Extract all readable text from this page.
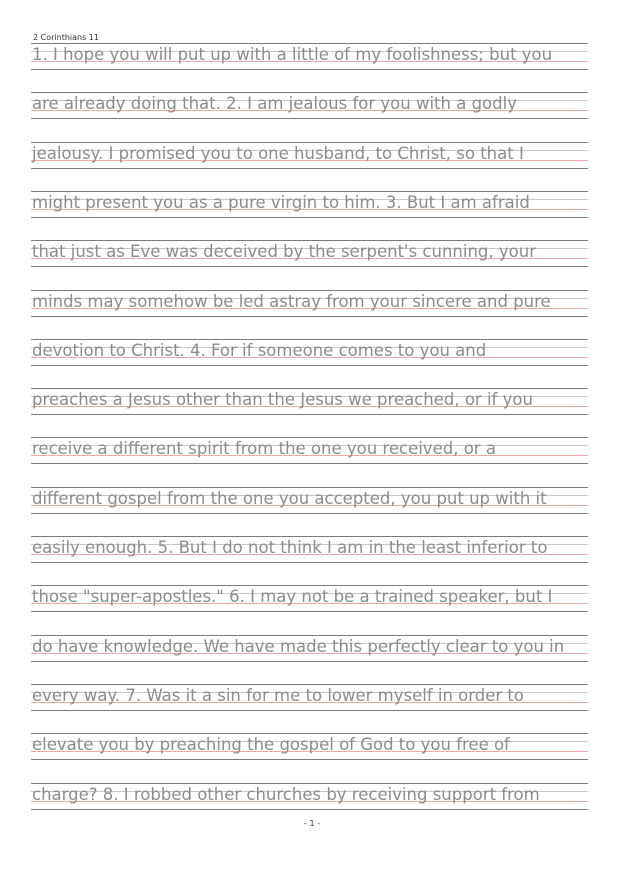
2 Corinthians 11
1. I hope you will put up with a little of my foolishness; but you
are already doing that. 2. I am jealous for you with a godly
jealousy. I promised you to one husband, to Christ, so that I
might present you as a pure virgin to him. 3. But I am afraid
that just as Eve was deceived by the serpent's cunning, your
minds may somehow be led astray from your sincere and pure
devotion to Christ. 4. For if someone comes to you and
preaches a Jesus other than the Jesus we preached, or if you
receive a different spirit from the one you received, or a
different gospel from the one you accepted, you put up with it
easily enough. 5. But I do not think I am in the least inferior to
those "super-apostles." 6. I may not be a trained speaker, but I
do have knowledge. We have made this perfectly clear to you in
every way. 7. Was it a sin for me to lower myself in order to
elevate you by preaching the gospel of God to you free of
charge? 8. I robbed other churches by receiving support from
- 1 -
